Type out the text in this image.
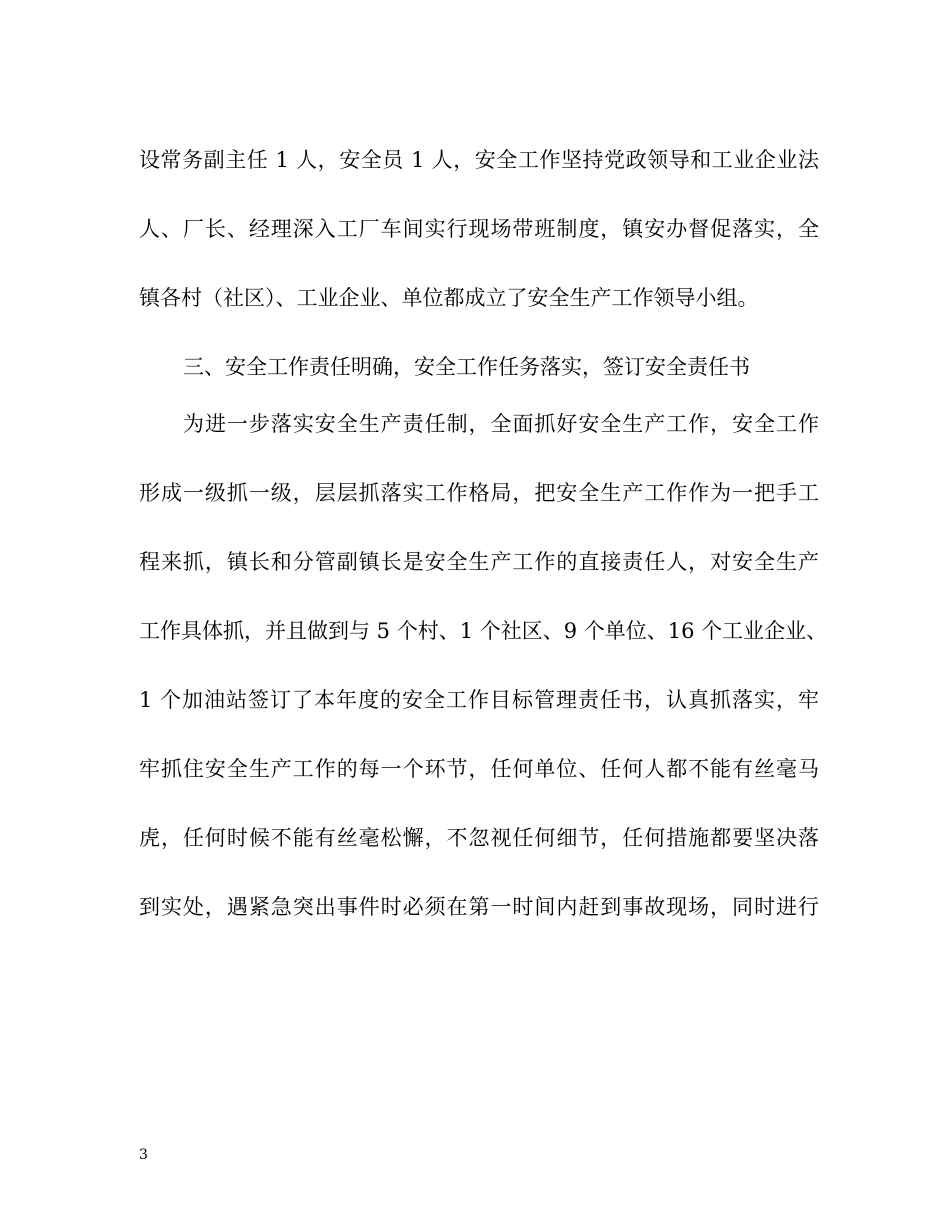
设常务副主任 1 人，安全员 1 人，安全工作坚持党政领导和工业企业法
人、厂长、经理深入工厂车间实行现场带班制度，镇安办督促落实，全
镇各村（社区）、工业企业、单位都成立了安全生产工作领导小组。
三、安全工作责任明确，安全工作任务落实，签订安全责任书
为进一步落实安全生产责任制，全面抓好安全生产工作，安全工作
形成一级抓一级，层层抓落实工作格局，把安全生产工作作为一把手工
程来抓，镇长和分管副镇长是安全生产工作的直接责任人，对安全生产
工作具体抓，并且做到与 5 个村、1 个社区、9 个单位、16 个工业企业、
1 个加油站签订了本年度的安全工作目标管理责任书，认真抓落实，牢
牢抓住安全生产工作的每一个环节，任何单位、任何人都不能有丝毫马
虎，任何时候不能有丝毫松懈，不忽视任何细节，任何措施都要坚决落
到实处，遇紧急突出事件时必须在第一时间内赶到事故现场，同时进行
3
